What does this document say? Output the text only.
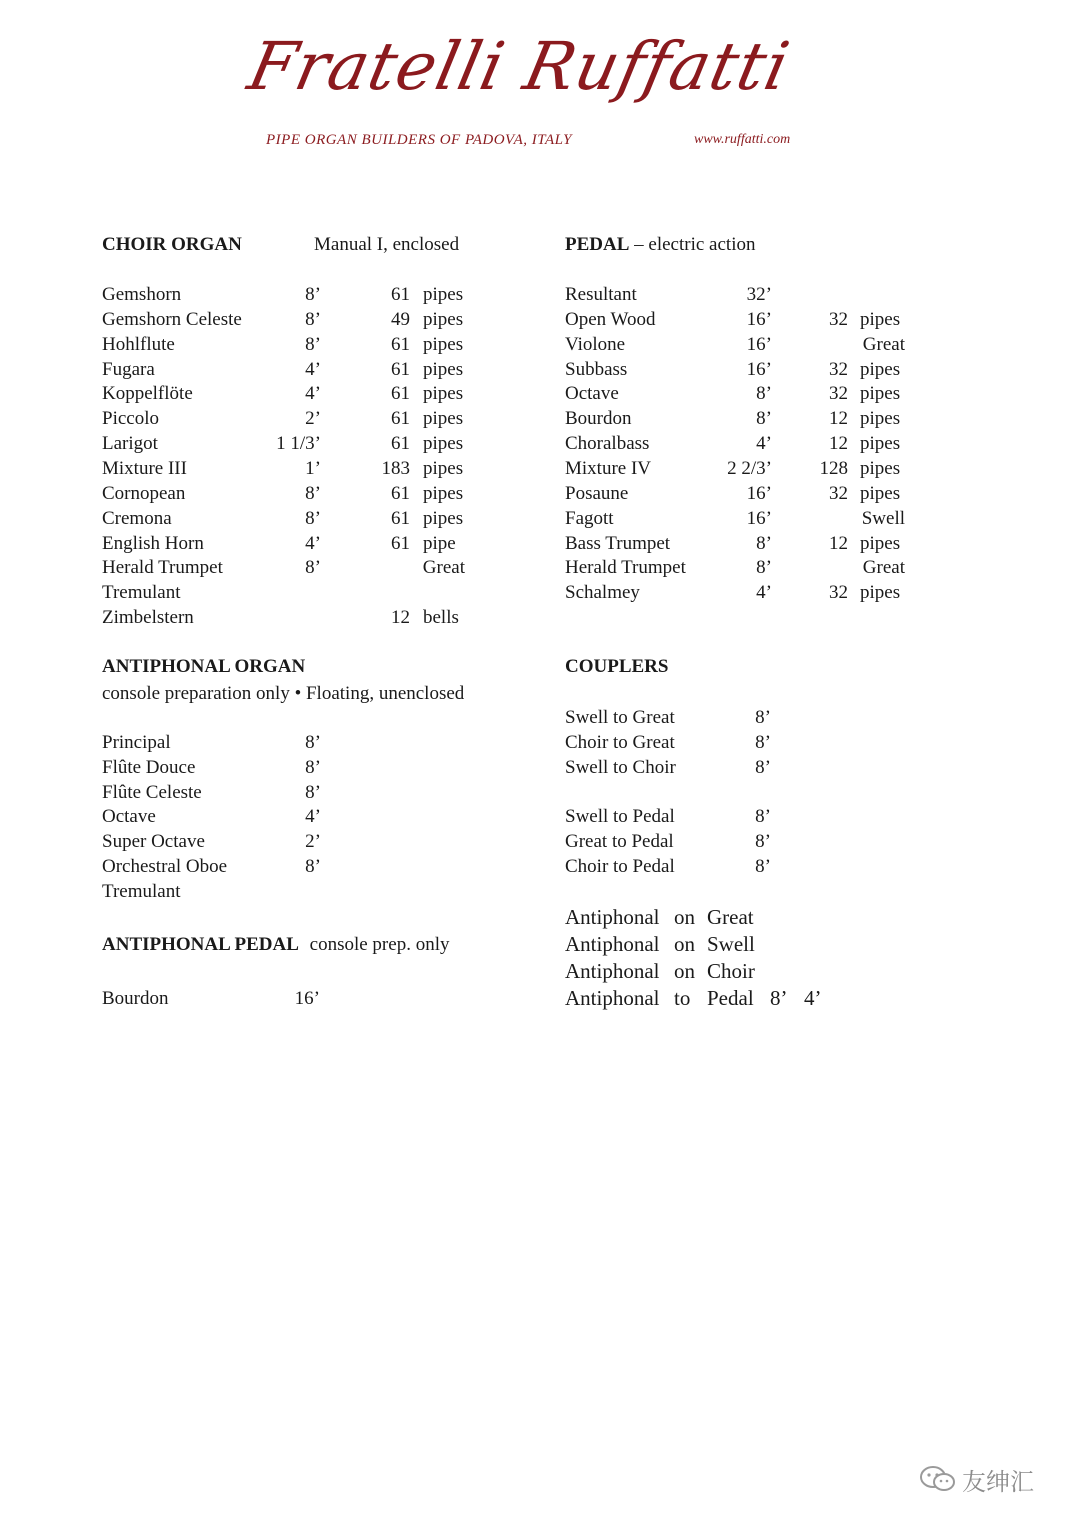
Fratelli Ruffatti
PIPE ORGAN BUILDERS OF PADOVA, ITALY	www.ruffatti.com
CHOIR ORGAN	Manual I, enclosed	PEDAL – electric action
Gemshorn	8’	61 pipes
Gemshorn Celeste	8’	49 pipes
Hohlflute	8’	61 pipes
Fugara	4’	61 pipes
Koppelflöte	4’	61 pipes
Piccolo	2’	61 pipes
Larigot	1 1/3’	61 pipes
Mixture III	1’	183 pipes
Cornopean	8’	61 pipes
Cremona	8’	61 pipes
English Horn	4’	61 pipe
Herald Trumpet	8’	Great
Tremulant
Zimbelstern	12 bells
Resultant	32’
Open Wood	16’	32 pipes
Violone	16’	Great
Subbass	16’	32 pipes
Octave	8’	32 pipes
Bourdon	8’	12 pipes
Choralbass	4’	12 pipes
Mixture IV	2 2/3’	128 pipes
Posaune	16’	32 pipes
Fagott	16’	Swell
Bass Trumpet	8’	12 pipes
Herald Trumpet	8’	Great
Schalmey	4’	32 pipes
ANTIPHONAL ORGAN
console preparation only • Floating, unenclosed
Principal	8’
Flûte Douce	8’
Flûte Celeste	8’
Octave	4’
Super Octave	2’
Orchestral Oboe	8’
Tremulant
ANTIPHONAL PEDAL console prep. only
Bourdon	16’
COUPLERS
Swell to Great	8’
Choir to Great	8’
Swell to Choir	8’
Swell to Pedal	8’
Great to Pedal	8’
Choir to Pedal	8’
Antiphonal on Great
Antiphonal on Swell
Antiphonal on Choir
Antiphonal to Pedal 8’ 4’
友绅汇
